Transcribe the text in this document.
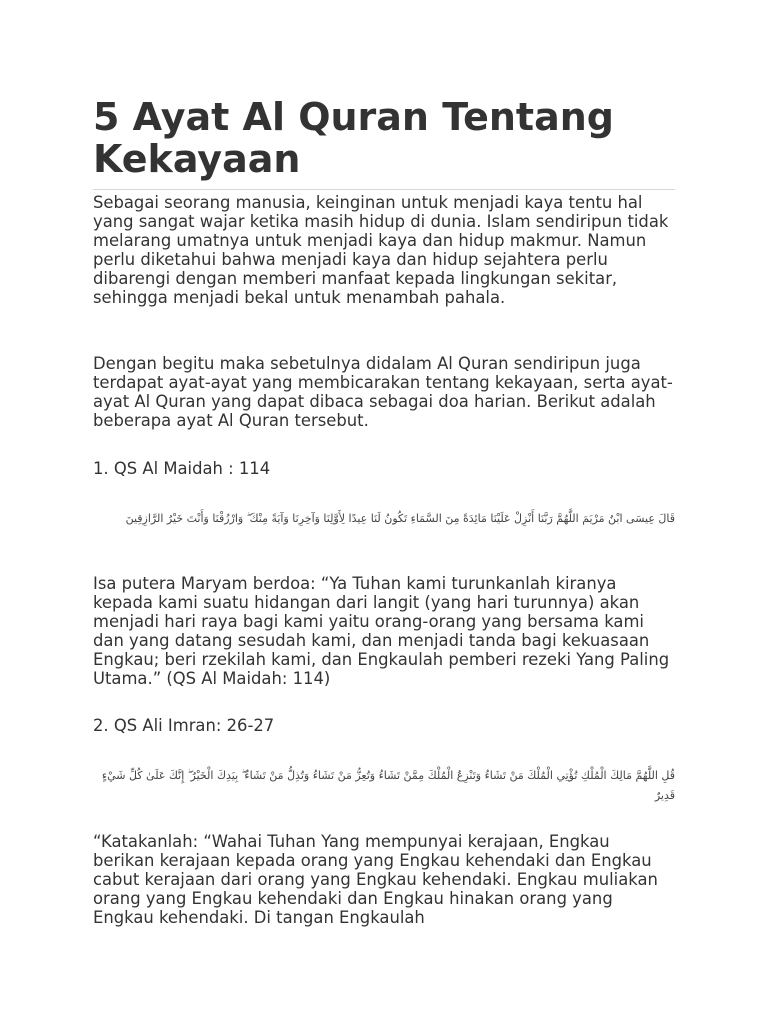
5 Ayat Al Quran Tentang Kekayaan

Sebagai seorang manusia, keinginan untuk menjadi kaya tentu hal yang sangat wajar ketika masih hidup di dunia. Islam sendiripun tidak melarang umatnya untuk menjadi kaya dan hidup makmur. Namun perlu diketahui bahwa menjadi kaya dan hidup sejahtera perlu dibarengi dengan memberi manfaat kepada lingkungan sekitar, sehingga menjadi bekal untuk menambah pahala.

Dengan begitu maka sebetulnya didalam Al Quran sendiripun juga terdapat ayat-ayat yang membicarakan tentang kekayaan, serta ayat-ayat Al Quran yang dapat dibaca sebagai doa harian. Berikut adalah beberapa ayat Al Quran tersebut.

1. QS Al Maidah : 114

قَالَ عِيسَى ابْنُ مَرْيَمَ اللَّهُمَّ رَبَّنَا أَنْزِلْ عَلَيْنَا مَائِدَةً مِنَ السَّمَاءِ تَكُونُ لَنَا عِيدًا لِأَوَّلِنَا وَآخِرِنَا وَآيَةً مِنْكَ ۖ وَارْزُقْنَا وَأَنْتَ خَيْرُ الرَّازِقِينَ

Isa putera Maryam berdoa: “Ya Tuhan kami turunkanlah kiranya kepada kami suatu hidangan dari langit (yang hari turunnya) akan menjadi hari raya bagi kami yaitu orang-orang yang bersama kami dan yang datang sesudah kami, dan menjadi tanda bagi kekuasaan Engkau; beri rzekilah kami, dan Engkaulah pemberi rezeki Yang Paling Utama.” (QS Al Maidah: 114)

2. QS Ali Imran: 26-27

قُلِ اللَّهُمَّ مَالِكَ الْمُلْكِ تُؤْتِي الْمُلْكَ مَنْ تَشَاءُ وَتَنْزِعُ الْمُلْكَ مِمَّنْ تَشَاءُ وَتُعِزُّ مَنْ تَشَاءُ وَتُذِلُّ مَنْ تَشَاءُ ۖ بِيَدِكَ الْخَيْرُ ۖ إِنَّكَ عَلَىٰ كُلِّ شَيْءٍ قَدِيرٌ

“Katakanlah: “Wahai Tuhan Yang mempunyai kerajaan, Engkau berikan kerajaan kepada orang yang Engkau kehendaki dan Engkau cabut kerajaan dari orang yang Engkau kehendaki. Engkau muliakan orang yang Engkau kehendaki dan Engkau hinakan orang yang Engkau kehendaki. Di tangan Engkaulah
